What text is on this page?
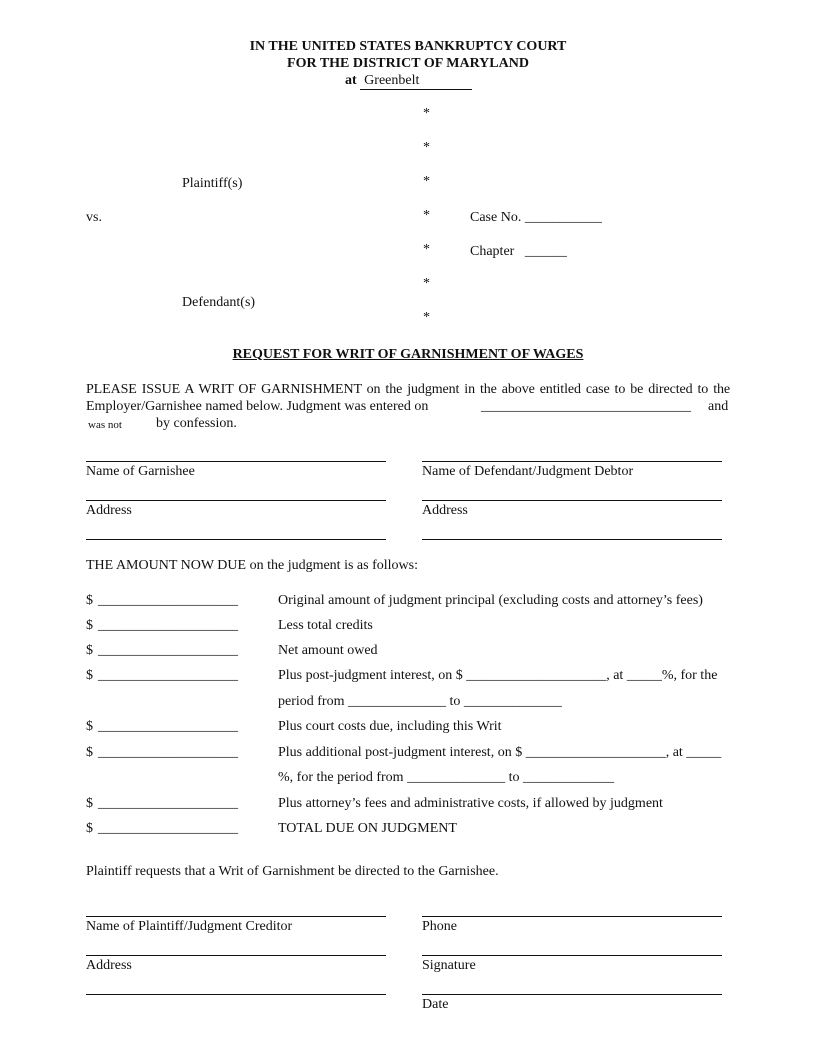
IN THE UNITED STATES BANKRUPTCY COURT
FOR THE DISTRICT OF MARYLAND
at Greenbelt
*
*
*
*
*
*
*
Plaintiff(s)
vs.
Defendant(s)
Case No. ___________
Chapter   ______
REQUEST FOR WRIT OF GARNISHMENT OF WAGES
PLEASE ISSUE A WRIT OF GARNISHMENT on the judgment in the above entitled case to be directed to the
Employer/Garnishee named below. Judgment was entered on	______________________________ and
was not by confession.
Name of Garnishee	Name of Defendant/Judgment Debtor
Address	Address
THE AMOUNT NOW DUE on the judgment is as follows:
$ ____________________	Original amount of judgment principal (excluding costs and attorney’s fees)
$ ____________________	Less total credits
$ ____________________	Net amount owed
$ ____________________	Plus post-judgment interest, on $ ____________________, at _____%, for the
period from ______________ to ______________
$ ____________________	Plus court costs due, including this Writ
$ ____________________	Plus additional post-judgment interest, on $ ____________________, at _____
%, for the period from ______________ to _____________
$ ____________________	Plus attorney’s fees and administrative costs, if allowed by judgment
$ ____________________	TOTAL DUE ON JUDGMENT
Plaintiff requests that a Writ of Garnishment be directed to the Garnishee.
Name of Plaintiff/Judgment Creditor	Phone
Address	Signature
Date
